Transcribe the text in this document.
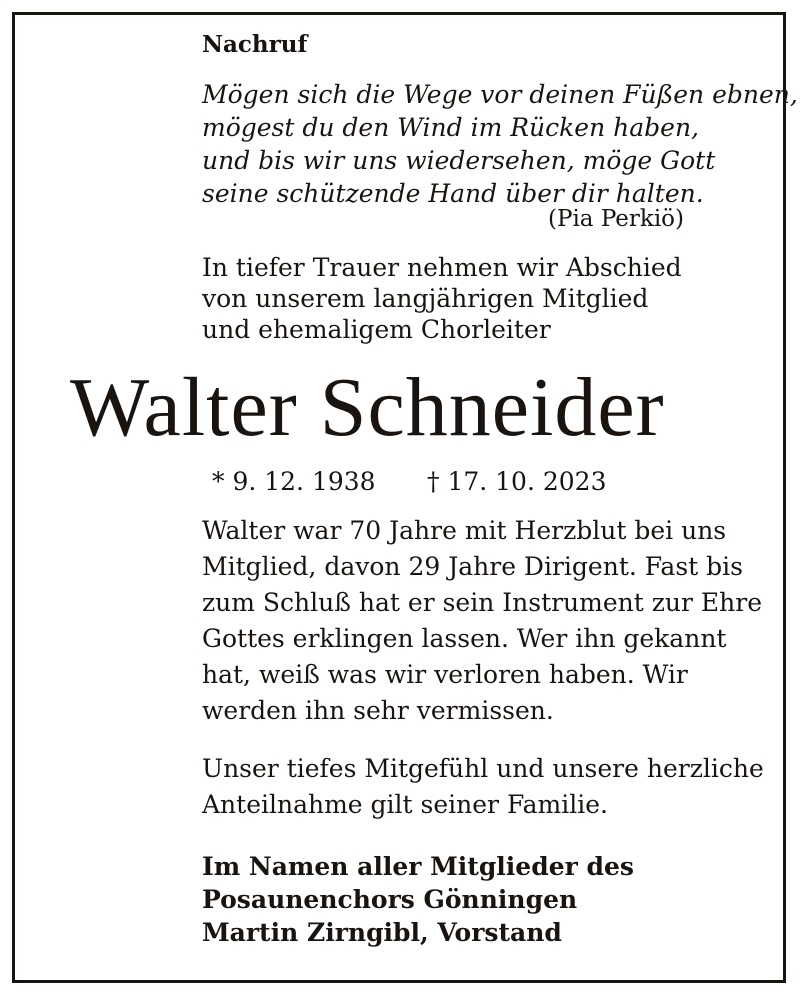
Nachruf
Mögen sich die Wege vor deinen Füßen ebnen,
mögest du den Wind im Rücken haben,
und bis wir uns wiedersehen, möge Gott
seine schützende Hand über dir halten.
(Pia Perkiö)
In tiefer Trauer nehmen wir Abschied
von unserem langjährigen Mitglied
und ehemaligem Chorleiter
Walter Schneider
* 9. 12. 1938 † 17. 10. 2023
Walter war 70 Jahre mit Herzblut bei uns
Mitglied, davon 29 Jahre Dirigent. Fast bis
zum Schluß hat er sein Instrument zur Ehre
Gottes erklingen lassen. Wer ihn gekannt
hat, weiß was wir verloren haben. Wir
werden ihn sehr vermissen.
Unser tiefes Mitgefühl und unsere herzliche
Anteilnahme gilt seiner Familie.
Im Namen aller Mitglieder des
Posaunenchors Gönningen
Martin Zirngibl, Vorstand
